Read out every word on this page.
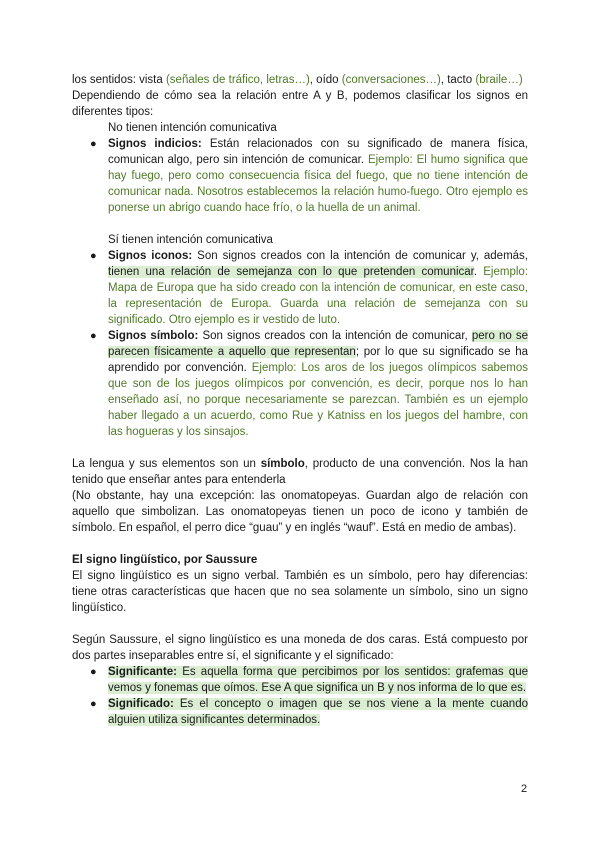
los sentidos: vista (señales de tráfico, letras…), oído (conversaciones…), tacto (braile…)

Dependiendo de cómo sea la relación entre A y B, podemos clasificar los signos en diferentes tipos:

No tienen intención comunicativa

● Signos indicios: Están relacionados con su significado de manera física, comunican algo, pero sin intención de comunicar. Ejemplo: El humo significa que hay fuego, pero como consecuencia física del fuego, que no tiene intención de comunicar nada. Nosotros establecemos la relación humo-fuego. Otro ejemplo es ponerse un abrigo cuando hace frío, o la huella de un animal.

Sí tienen intención comunicativa

● Signos iconos: Son signos creados con la intención de comunicar y, además, tienen una relación de semejanza con lo que pretenden comunicar. Ejemplo: Mapa de Europa que ha sido creado con la intención de comunicar, en este caso, la representación de Europa. Guarda una relación de semejanza con su significado. Otro ejemplo es ir vestido de luto.
● Signos símbolo: Son signos creados con la intención de comunicar, pero no se parecen físicamente a aquello que representan; por lo que su significado se ha aprendido por convención. Ejemplo: Los aros de los juegos olímpicos sabemos que son de los juegos olímpicos por convención, es decir, porque nos lo han enseñado así, no porque necesariamente se parezcan. También es un ejemplo haber llegado a un acuerdo, como Rue y Katniss en los juegos del hambre, con las hogueras y los sinsajos.

La lengua y sus elementos son un símbolo, producto de una convención. Nos la han tenido que enseñar antes para entenderla

(No obstante, hay una excepción: las onomatopeyas. Guardan algo de relación con aquello que simbolizan. Las onomatopeyas tienen un poco de icono y también de símbolo. En español, el perro dice “guau” y en inglés “wauf”. Está en medio de ambas).

El signo lingüístico, por Saussure

El signo lingüístico es un signo verbal. También es un símbolo, pero hay diferencias: tiene otras características que hacen que no sea solamente un símbolo, sino un signo lingüístico.

Según Saussure, el signo lingüístico es una moneda de dos caras. Está compuesto por dos partes inseparables entre sí, el significante y el significado:

● Significante: Es aquella forma que percibimos por los sentidos: grafemas que vemos y fonemas que oímos. Ese A que significa un B y nos informa de lo que es.
● Significado: Es el concepto o imagen que se nos viene a la mente cuando alguien utiliza significantes determinados.
2
